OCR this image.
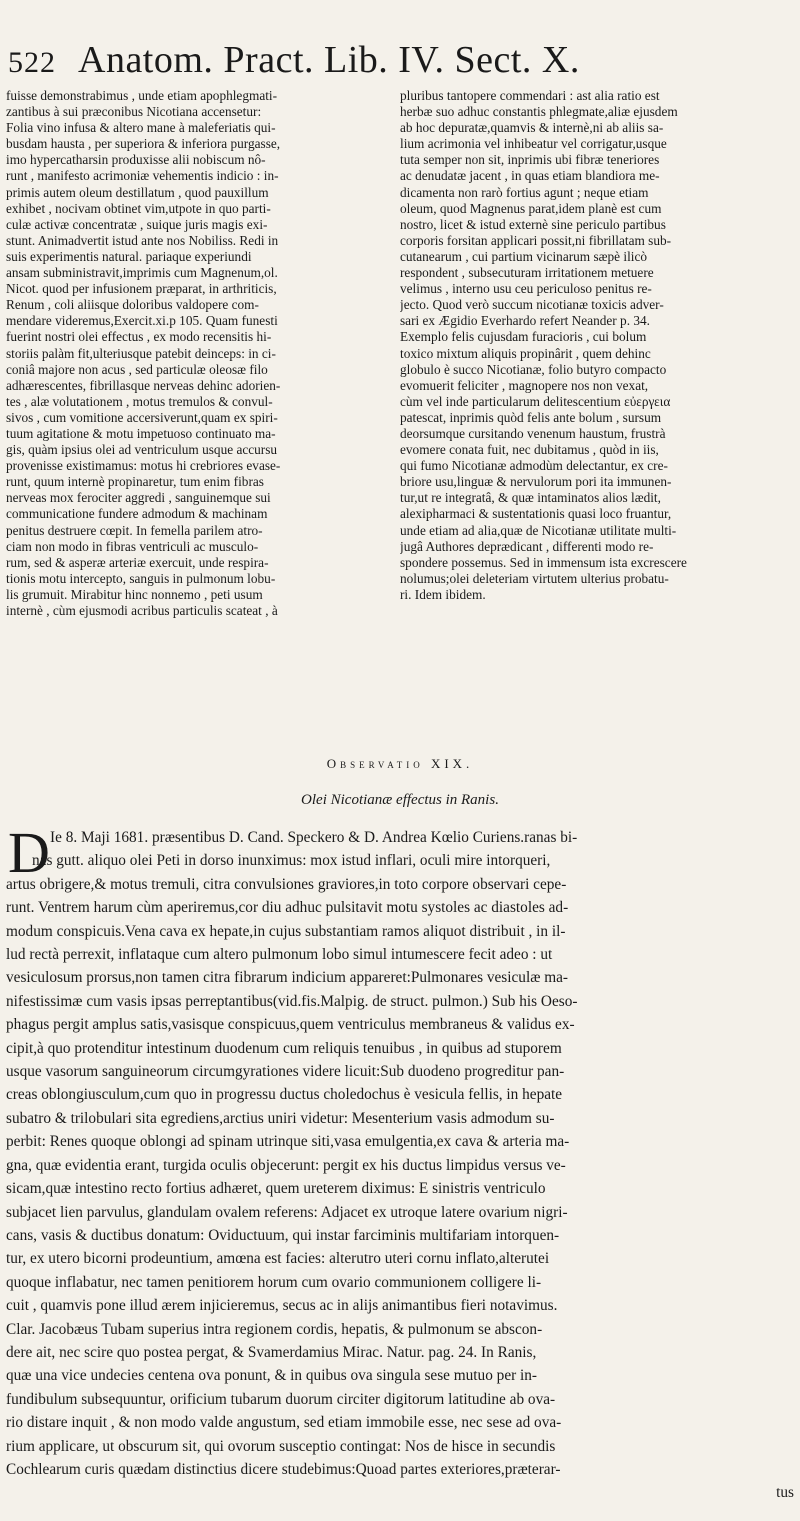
522 Anatom. Pract. Lib. IV. Sect. X.
fuisse demonstrabimus , unde etiam apophlegmati-
zantibus à sui præconibus Nicotiana accensetur:
Folia vino infusa & altero mane à maleferiatis qui-
busdam hausta , per superiora & inferiora purgasse,
imo hypercatharsin produxisse alii nobiscum nô-
runt , manifesto acrimoniæ vehementis indicio : in-
primis autem oleum destillatum , quod pauxillum
exhibet , nocivam obtinet vim,utpote in quo parti-
culæ activæ concentratæ , suique juris magis exi-
stunt. Animadvertit istud ante nos Nobiliss. Redi in
suis experimentis natural. pariaque experiundi
ansam subministravit,imprimis cum Magnenum,ol.
Nicot. quod per infusionem præparat, in arthriticis,
Renum , coli aliisque doloribus valdopere com-
mendare videremus,Exercit.xi.p 105. Quam funesti
fuerint nostri olei effectus , ex modo recensitis hi-
storiis palàm fit,ulteriusque patebit deinceps: in ci-
coniâ majore non acus , sed particulæ oleosæ filo
adhærescentes, fibrillasque nerveas dehinc adorien-
tes , alæ volutationem , motus tremulos & convul-
sivos , cum vomitione accersiverunt,quam ex spiri-
tuum agitatione & motu impetuoso continuato ma-
gis, quàm ipsius olei ad ventriculum usque accursu
provenisse existimamus: motus hi crebriores evase-
runt, quum internè propinaretur, tum enim fibras
nerveas mox ferociter aggredi , sanguinemque sui
communicatione fundere admodum & machinam
penitus destruere cœpit. In femella parilem atro-
ciam non modo in fibras ventriculi ac musculo-
rum, sed & asperæ arteriæ exercuit, unde respira-
tionis motu intercepto, sanguis in pulmonum lobu-
lis grumuit. Mirabitur hinc nonnemo , peti usum
internè , cùm ejusmodi acribus particulis scateat , à
pluribus tantopere commendari : ast alia ratio est
herbæ suo adhuc constantis phlegmate,aliæ ejusdem
ab hoc depuratæ,quamvis & internè,ni ab aliis sa-
lium acrimonia vel inhibeatur vel corrigatur,usque
tuta semper non sit, inprimis ubi fibræ teneriores
ac denudatæ jacent , in quas etiam blandiora me-
dicamenta non rarò fortius agunt ; neque etiam
oleum, quod Magnenus parat,idem planè est cum
nostro, licet & istud externè sine periculo partibus
corporis forsitan applicari possit,ni fibrillatam sub-
cutanearum , cui partium vicinarum sæpè ilicò
respondent , subsecuturam irritationem metuere
velimus , interno usu ceu periculoso penitus re-
jecto. Quod verò succum nicotianæ toxicis adver-
sari ex Ægidio Everhardo refert Neander p. 34.
Exemplo felis cujusdam furacioris , cui bolum
toxico mixtum aliquis propinârit , quem dehinc
globulo è succo Nicotianæ, folio butyro compacto
evomuerit feliciter , magnopere nos non vexat,
cùm vel inde particularum delitescentium εὐεργεια
patescat, inprimis quòd felis ante bolum , sursum
deorsumque cursitando venenum haustum, frustrà
evomere conata fuit, nec dubitamus , quòd in iis,
qui fumo Nicotianæ admodùm delectantur, ex cre-
briore usu,linguæ & nervulorum pori ita immunen-
tur,ut re integratâ, & quæ intaminatos alios lædit,
alexipharmaci & sustentationis quasi loco fruantur,
unde etiam ad alia,quæ de Nicotianæ utilitate multi-
jugâ Authores deprædicant , differenti modo re-
spondere possemus. Sed in immensum ista excrescere
nolumus;olei deleteriam virtutem ulterius probatu-
ri. Idem ibidem.
Observatio XIX.
Olei Nicotianæ effectus in Ranis.
D Ie 8. Maji 1681. præsentibus D. Cand. Speckero & D. Andrea Kœlio Curiens.ranas bi-
nas gutt. aliquo olei Peti in dorso inunximus: mox istud inflari, oculi mire intorqueri,
artus obrigere,& motus tremuli, citra convulsiones graviores,in toto corpore observari cepe-
runt. Ventrem harum cùm aperiremus,cor diu adhuc pulsitavit motu systoles ac diastoles ad-
modum conspicuis.Vena cava ex hepate,in cujus substantiam ramos aliquot distribuit , in il-
lud rectà perrexit, inflataque cum altero pulmonum lobo simul intumescere fecit adeo : ut
vesiculosum prorsus,non tamen citra fibrarum indicium appareret:Pulmonares vesiculæ ma-
nifestissimæ cum vasis ipsas perreptantibus(vid.fis.Malpig. de struct. pulmon.) Sub his Oeso-
phagus pergit amplus satis,vasisque conspicuus,quem ventriculus membraneus & validus ex-
cipit,à quo protenditur intestinum duodenum cum reliquis tenuibus , in quibus ad stuporem
usque vasorum sanguineorum circumgyrationes videre licuit:Sub duodeno progreditur pan-
creas oblongiusculum,cum quo in progressu ductus choledochus è vesicula fellis, in hepate
subatro & trilobulari sita egrediens,arctius uniri videtur: Mesenterium vasis admodum su-
perbit: Renes quoque oblongi ad spinam utrinque siti,vasa emulgentia,ex cava & arteria ma-
gna, quæ evidentia erant, turgida oculis objecerunt: pergit ex his ductus limpidus versus ve-
sicam,quæ intestino recto fortius adhæret, quem ureterem diximus: E sinistris ventriculo
subjacet lien parvulus, glandulam ovalem referens: Adjacet ex utroque latere ovarium nigri-
cans, vasis & ductibus donatum: Oviductuum, qui instar farciminis multifariam intorquen-
tur, ex utero bicorni prodeuntium, amœna est facies: alterutro uteri cornu inflato,alterutei
quoque inflabatur, nec tamen penitiorem horum cum ovario communionem colligere li-
cuit , quamvis pone illud ærem injicieremus, secus ac in alijs animantibus fieri notavimus.
Clar. Jacobæus Tubam superius intra regionem cordis, hepatis, & pulmonum se abscon-
dere ait, nec scire quo postea pergat, & Svamerdamius Mirac. Natur. pag. 24. In Ranis,
quæ una vice undecies centena ova ponunt, & in quibus ova singula sese mutuo per in-
fundibulum subsequuntur, orificium tubarum duorum circiter digitorum latitudine ab ova-
rio distare inquit , & non modo valde angustum, sed etiam immobile esse, nec sese ad ova-
rium applicare, ut obscurum sit, qui ovorum susceptio contingat: Nos de hisce in secundis
Cochlearum curis quædam distinctius dicere studebimus:Quoad partes exteriores,præterar-
tus
